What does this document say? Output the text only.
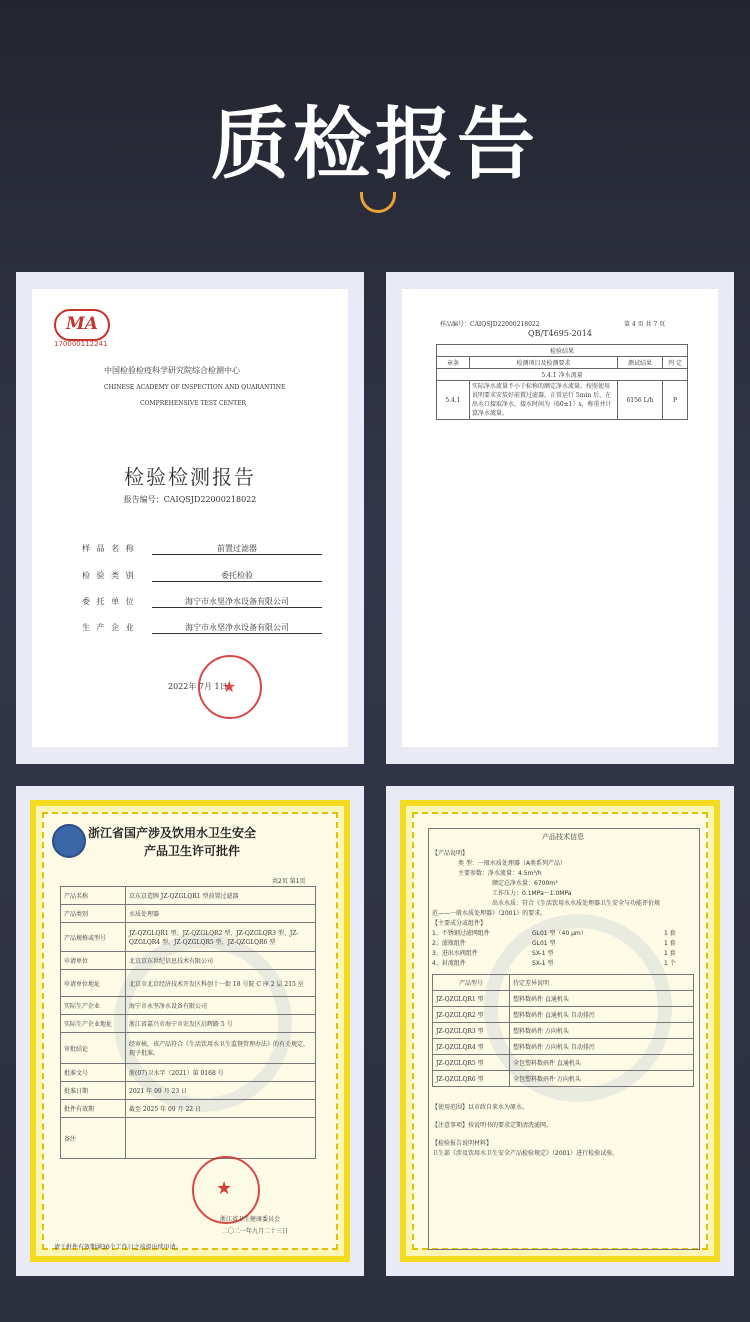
质检报告
MA
170000112241
中国检验检疫科学研究院综合检测中心
CHINESE ACADEMY OF INSPECTION AND QUARANTINE
COMPREHENSIVE TEST CENTER
检验检测报告
报告编号：CAIQSJD22000218022
样 品 名 称	前置过滤器
检 验 类 别	委托检验
委 托 单 位	海宁市永坚净水设备有限公司
生 产 企 业	海宁市永坚净水设备有限公司
2022年 7月 1日
★
样品编号：CAIQSJD22000218022	第 4 页 共 7 页
QB/T4695-2014
检验结果			
章条	检测项目及检测要求	测试结果	判 定
5.4.1 净水流量			
5.4.1	实际净水流量不小于标称的额定净水流量。按照使用说明要求安装好前置过滤器，正常运行 5min 后，在出水口接取净水，接水时间为（60±1）s，称重并计算净水流量。	6156 L/h	P
浙江省国产涉及饮用水卫生安全
产品卫生许可批件
共2页 第1页
产品名称	京东京造牌 JZ-QZGLQR1 型前置过滤器
产品类别	水质处理器
产品规格或型号	JZ-QZGLQR1 型、JZ-QZGLQR2 型、JZ-QZGLQR3 型、JZ-QZGLQR4 型、JZ-QZGLQR5 型、JZ-QZGLQR6 型
申请单位	北京京东世纪信息技术有限公司
申请单位地址	北京市北京经济技术开发区科创十一街 18 号院 C 座 2 层 215 室
实际生产企业	海宁市永坚净水设备有限公司
实际生产企业地址	浙江省嘉兴市海宁市农发区启辉路 5 号
审批结论	经审核，该产品符合《生活饮用水卫生监督管理办法》的有关规定，现予批准。
批准文号	浙(07)卫水字（2021）第 0168 号
批准日期	2021 年 09 月 23 日
批件有效期	截至 2025 年 09 月 22 日
备注	
★
浙江省卫生健康委员会
二〇二一年九月二十三日
请于批件有效期满30个工作日之前提出续申请。
产品技术信息
【产品说明】
类 型：一般水质处理器（A类系列产品）
主要参数：净水流量：4.5m³/h
额定总净水量：6700m³
工作压力：0.1MPa～1.0MPa
出水水质：符合《生活饮用水水质处理器卫生安全与功能评价规
范——一般水质处理器》（2001）的要求。
【主要成分或组件】
1、不锈钢过滤网组件	GL01 型（40 μm）	1 套
2、滤瓶组件	GL01 型	1 套
3、进出水阀组件	SX-1 型	1 套
4、封流组件	SX-1 型	1 个
产品型号	待定差异说明
JZ-QZGLQR1 型	塑料数码件 直通机头
JZ-QZGLQR2 型	塑料数码件 直通机头 自动排污
JZ-QZGLQR3 型	塑料数码件 万向机头
JZ-QZGLQR4 型	塑料数码件 万向机头 自动排污
JZ-QZGLQR5 型	全包塑料数码件 直通机头
JZ-QZGLQR6 型	全包塑料数码件 万向机头
【使用范围】以市政自来水为原水。
【注意事项】按说明书的要求定期清洗滤网。
【检验报告说明材料】
卫生部《涉及饮用水卫生安全产品检验规定》（2001）进行检验试验。
